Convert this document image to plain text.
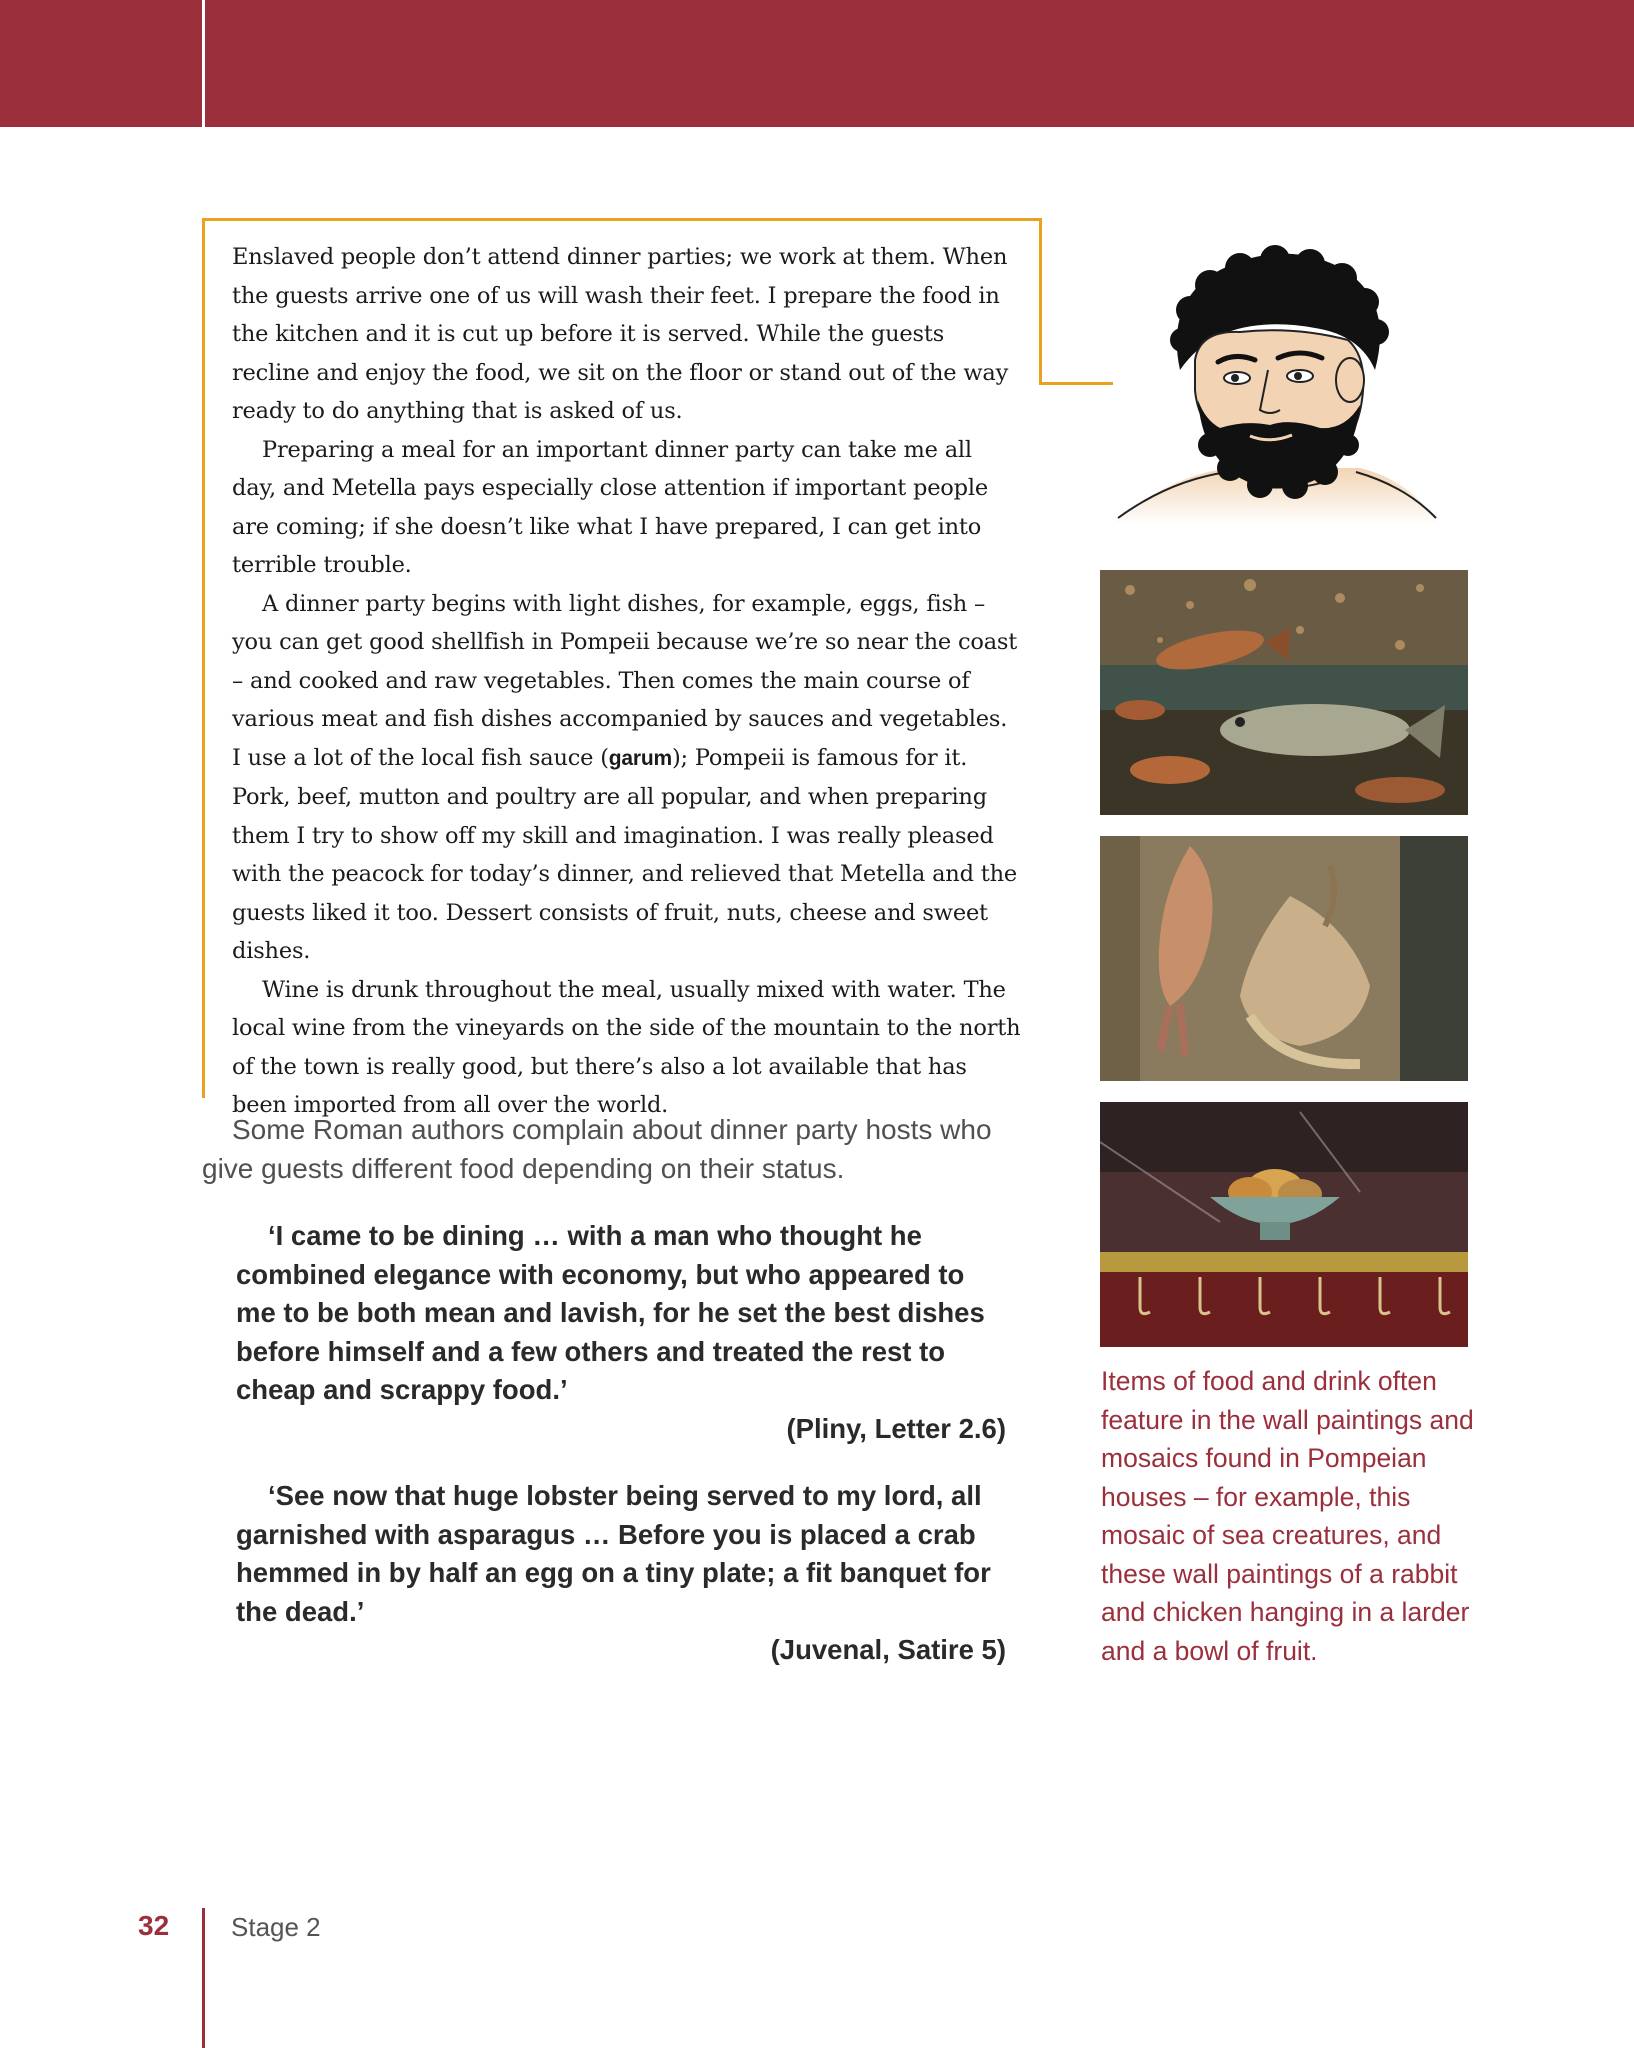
Enslaved people don’t attend dinner parties; we work at them. When the guests arrive one of us will wash their feet. I prepare the food in the kitchen and it is cut up before it is served. While the guests recline and enjoy the food, we sit on the floor or stand out of the way ready to do anything that is asked of us.

Preparing a meal for an important dinner party can take me all day, and Metella pays especially close attention if important people are coming; if she doesn’t like what I have prepared, I can get into terrible trouble.

A dinner party begins with light dishes, for example, eggs, fish – you can get good shellfish in Pompeii because we’re so near the coast – and cooked and raw vegetables. Then comes the main course of various meat and fish dishes accompanied by sauces and vegetables.

I use a lot of the local fish sauce (garum); Pompeii is famous for it. Pork, beef, mutton and poultry are all popular, and when preparing them I try to show off my skill and imagination. I was really pleased with the peacock for today’s dinner, and relieved that Metella and the guests liked it too. Dessert consists of fruit, nuts, cheese and sweet dishes.

Wine is drunk throughout the meal, usually mixed with water. The local wine from the vineyards on the side of the mountain to the north of the town is really good, but there’s also a lot available that has been imported from all over the world.

Some Roman authors complain about dinner party hosts who give guests different food depending on their status.

‘I came to be dining … with a man who thought he combined elegance with economy, but who appeared to me to be both mean and lavish, for he set the best dishes before himself and a few others and treated the rest to cheap and scrappy food.’

(Pliny, Letter 2.6)

‘See now that huge lobster being served to my lord, all garnished with asparagus … Before you is placed a crab hemmed in by half an egg on a tiny plate; a fit banquet for the dead.’

(Juvenal, Satire 5)

Items of food and drink often feature in the wall paintings and mosaics found in Pompeian houses – for example, this mosaic of sea creatures, and these wall paintings of a rabbit and chicken hanging in a larder and a bowl of fruit.
32 Stage 2
